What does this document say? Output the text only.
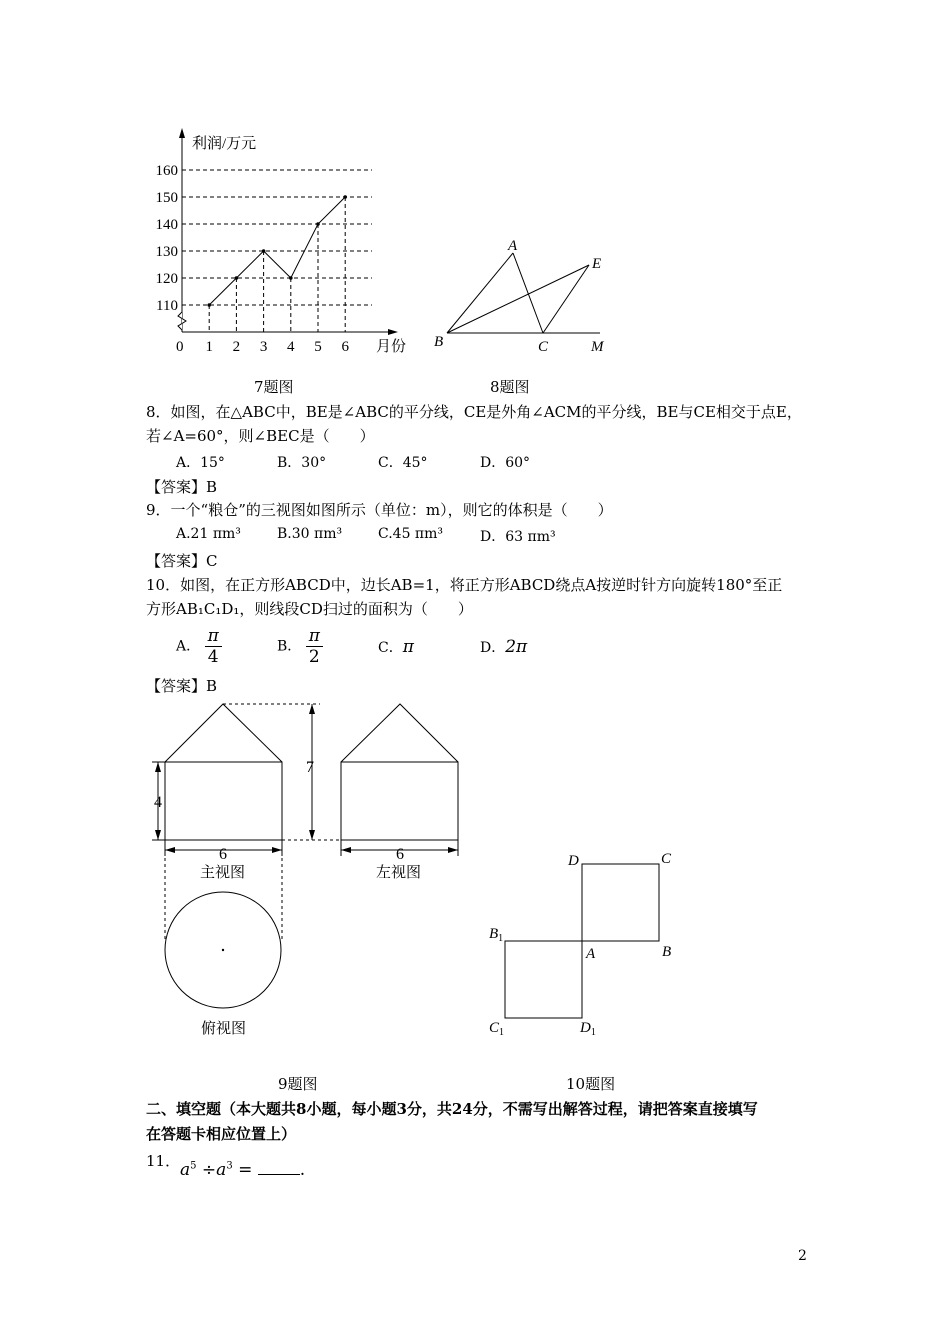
利润/万元
月份
0
110
120
130
140
150
160
1 2 3 4 5 6
7题图
A
E
B	C	M
8题图
8．如图，在△ABC中，BE是∠ABC的平分线，CE是外角∠ACM的平分线，BE与CE相交于点E，
若∠A=60°，则∠BEC是（　　）
A．15°	B．30°	C．45°	D．60°
【答案】B
9．一个“粮仓”的三视图如图所示（单位：m），则它的体积是（　　）
A.21 πm³	B.30 πm³	C.45 πm³	D．63 πm³
【答案】C
10．如图，在正方形ABCD中，边长AB=1，将正方形ABCD绕点A按逆时针方向旋转180°至正
方形AB₁C₁D₁，则线段CD扫过的面积为（　　）
A． $\frac{\pi}{4}$	B． $\frac{\pi}{2}$	C．π	D．2π
【答案】B
7
4
6	6
主视图	左视图
俯视图
9题图
D	C
$B_1$
A	B
$C_1$	$D_1$
10题图
二、填空题（本大题共8小题，每小题3分，共24分，不需写出解答过程，请把答案直接填写
在答题卡相应位置上）
11． $a^5 \div a^3$ =	.
2
